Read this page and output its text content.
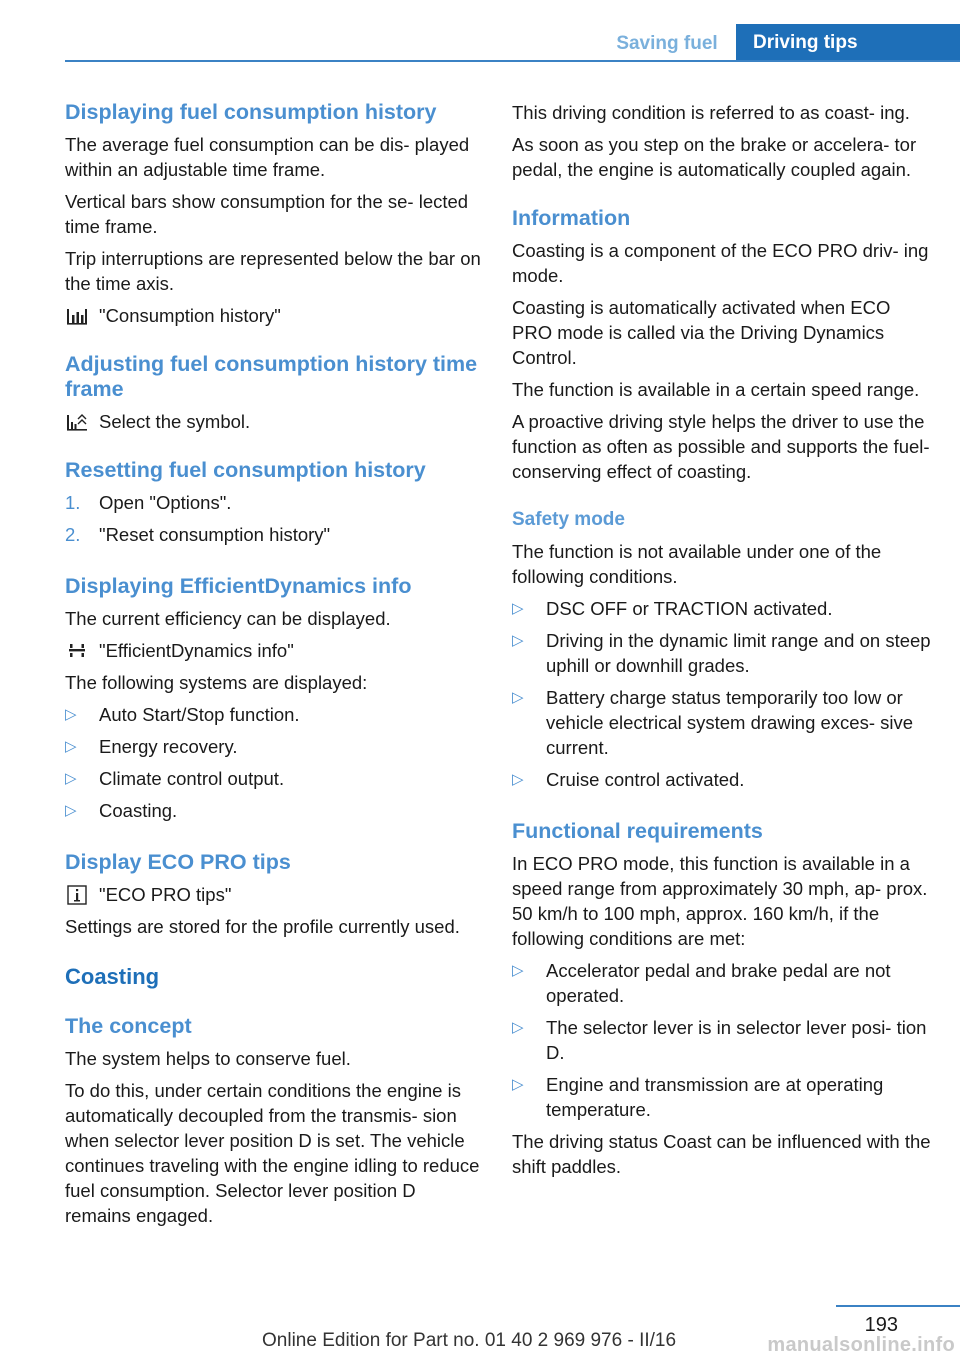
Saving fuel	Driving tips
Displaying fuel consumption history

The average fuel consumption can be dis‐ played within an adjustable time frame.

Vertical bars show consumption for the se‐ lected time frame.

Trip interruptions are represented below the bar on the time axis.

"Consumption history"
Adjusting fuel consumption history time frame
Select the symbol.
Resetting fuel consumption history
1. Open "Options".
2. "Reset consumption history"
Displaying EfficientDynamics info

The current efficiency can be displayed.

"EfficientDynamics info"

The following systems are displayed:

▷ Auto Start/Stop function.
▷ Energy recovery.
▷ Climate control output.
▷ Coasting.
Display ECO PRO tips
"ECO PRO tips"

Settings are stored for the profile currently used.

Coasting
The concept

The system helps to conserve fuel.

To do this, under certain conditions the engine is automatically decoupled from the transmis‐ sion when selector lever position D is set. The vehicle continues traveling with the engine idling to reduce fuel consumption. Selector lever position D remains engaged.

This driving condition is referred to as coast‐ ing.

As soon as you step on the brake or accelera‐ tor pedal, the engine is automatically coupled again.

Information

Coasting is a component of the ECO PRO driv‐ ing mode.

Coasting is automatically activated when ECO PRO mode is called via the Driving Dynamics Control.

The function is available in a certain speed range.

A proactive driving style helps the driver to use the function as often as possible and supports the fuel-conserving effect of coasting.

Safety mode

The function is not available under one of the following conditions.

▷ DSC OFF or TRACTION activated.
▷ Driving in the dynamic limit range and on steep uphill or downhill grades.
▷ Battery charge status temporarily too low or vehicle electrical system drawing exces‐ sive current.
▷ Cruise control activated.
Functional requirements

In ECO PRO mode, this function is available in a speed range from approximately 30 mph, ap‐ prox. 50 km/h to 100 mph, approx. 160 km/h, if the following conditions are met:

▷ Accelerator pedal and brake pedal are not operated.
▷ The selector lever is in selector lever posi‐ tion D.
▷ Engine and transmission are at operating temperature.

The driving status Coast can be influenced with the shift paddles.

193
Online Edition for Part no. 01 40 2 969 976 - II/16	manualsonline.info
